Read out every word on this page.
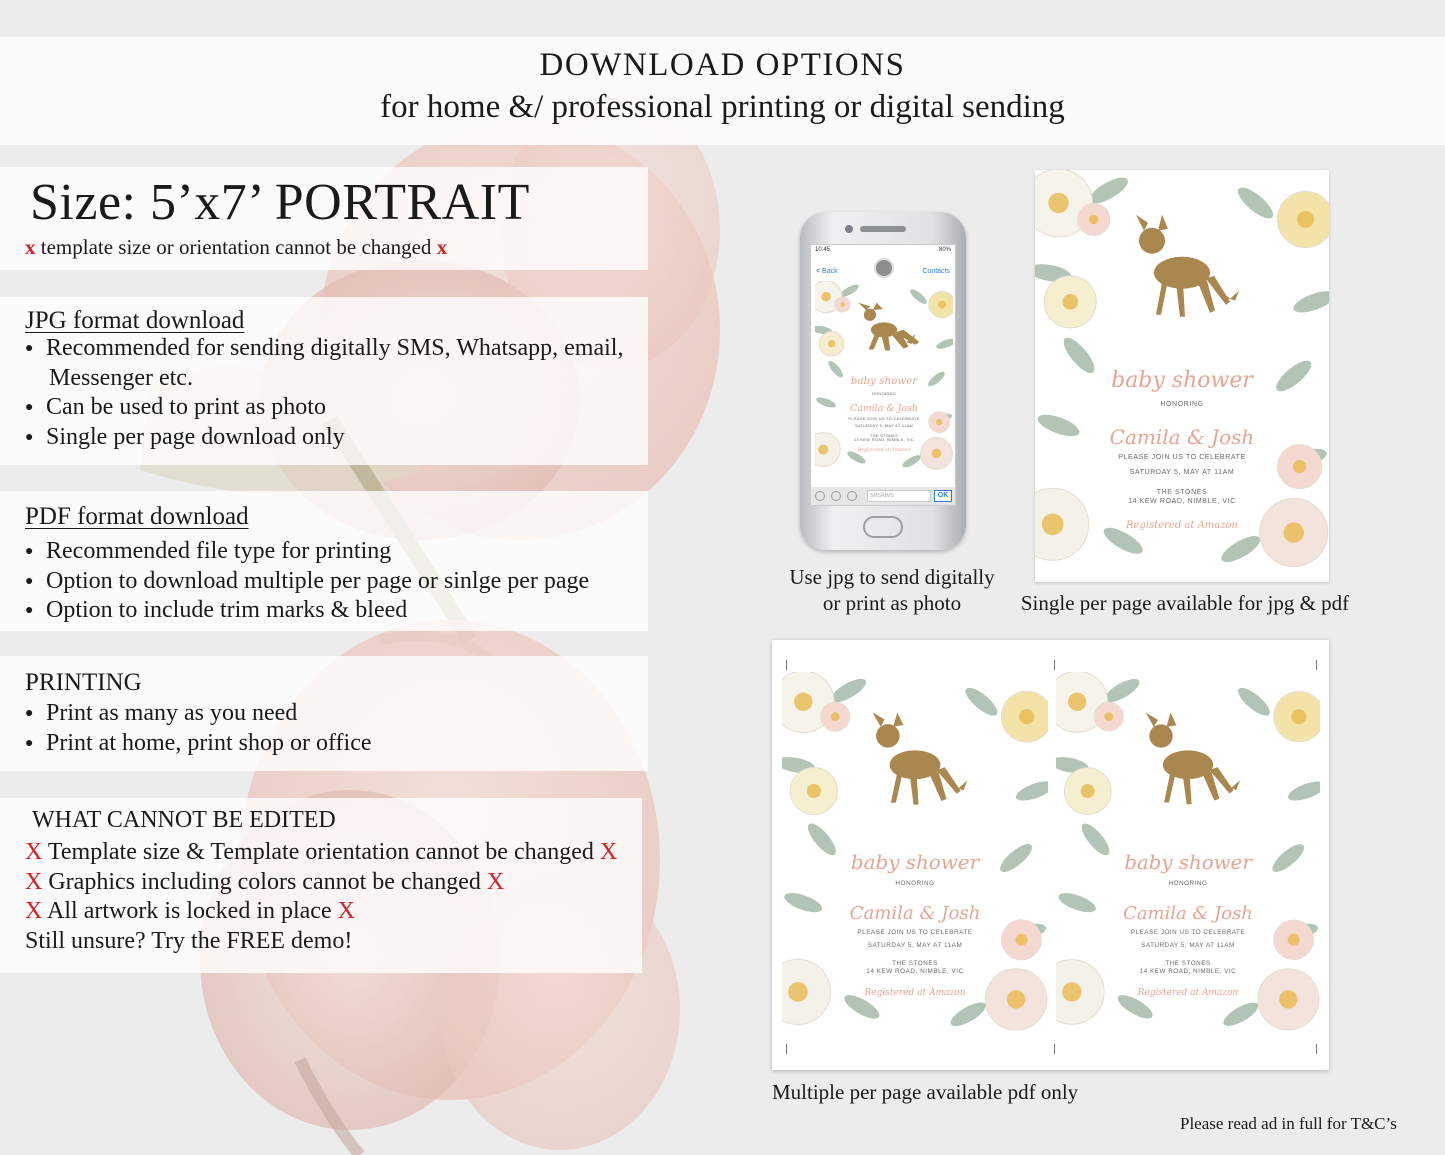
DOWNLOAD OPTIONS
for home &/ professional printing or digital sending
Size: 5’x7’ PORTRAIT
x template size or orientation cannot be changed x
JPG format download
● Recommended for sending digitally SMS, Whatsapp, email,
Messenger etc.
● Can be used to print as photo
● Single per page download only
PDF format download
● Recommended file type for printing
● Option to download multiple per page or sinlge per page
● Option to include trim marks & bleed
PRINTING
● Print as many as you need
● Print at home, print shop or office
WHAT CANNOT BE EDITED
X Template size & Template orientation cannot be changed X
X Graphics including colors cannot be changed X
X All artwork is locked in place X
Still unsure? Try the FREE demo!
10:45	80%
< Back	Contacts
baby shower
HONORING
Camila & Josh
PLEASE JOIN US TO CELEBRATE
SATURDAY 5, MAY AT 11AM
THE STONES
14 KEW ROAD, NIMBLE, VIC
Registered at Amazon
SMS/MMS	OK
Use jpg to send digitally
or print as photo
baby shower
HONORING
Camila & Josh
PLEASE JOIN US TO CELEBRATE
SATURDAY 5, MAY AT 11AM
THE STONES
14 KEW ROAD, NIMBLE, VIC
Registered at Amazon
Single per page available for jpg & pdf
baby shower
HONORING
Camila & Josh
PLEASE JOIN US TO CELEBRATE
SATURDAY 5, MAY AT 11AM
THE STONES
14 KEW ROAD, NIMBLE, VIC
Registered at Amazon
baby shower
HONORING
Camila & Josh
PLEASE JOIN US TO CELEBRATE
SATURDAY 5, MAY AT 11AM
THE STONES
14 KEW ROAD, NIMBLE, VIC
Registered at Amazon
Multiple per page available pdf only
Please read ad in full for T&C’s
